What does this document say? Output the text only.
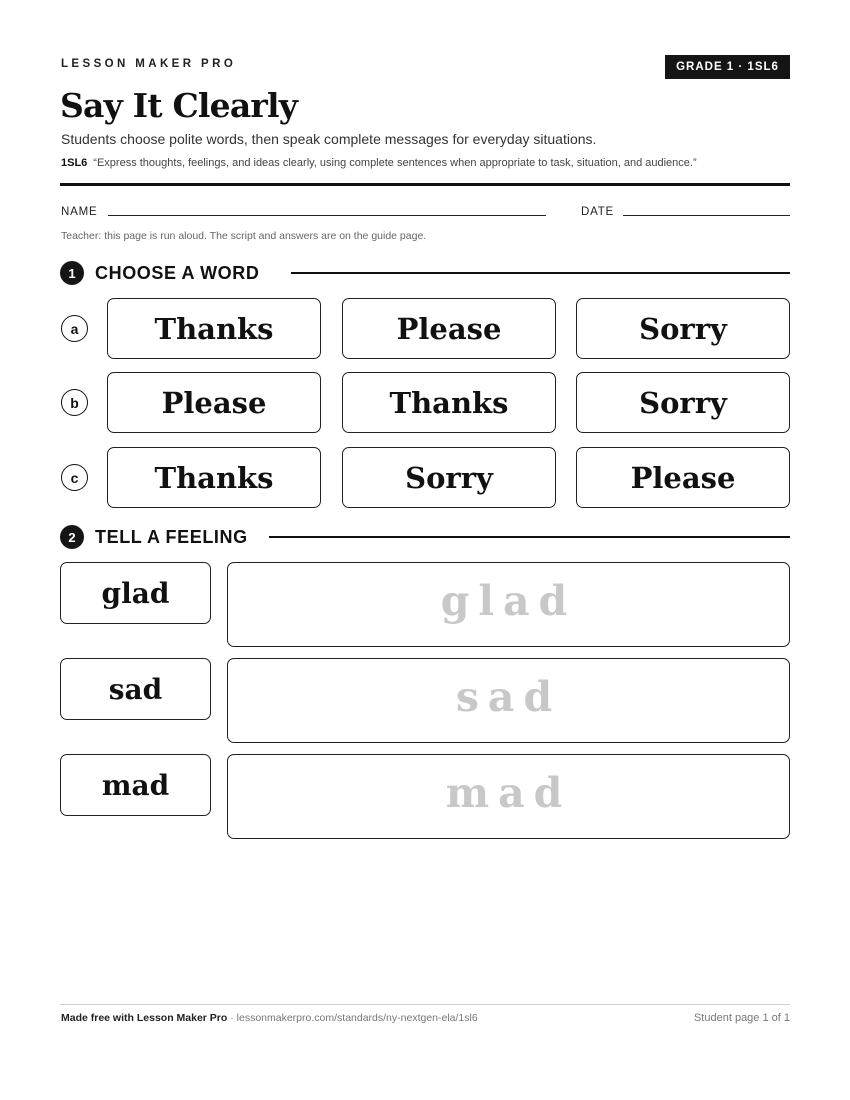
LESSON MAKER PRO	GRADE 1 · 1SL6
Say It Clearly
Students choose polite words, then speak complete messages for everyday situations.
1SL6 “Express thoughts, feelings, and ideas clearly, using complete sentences when appropriate to task, situation, and audience.”
NAME	DATE
Teacher: this page is run aloud. The script and answers are on the guide page.
1	CHOOSE A WORD
a	Thanks	Please	Sorry
b	Please	Thanks	Sorry
c	Thanks	Sorry	Please
2	TELL A FEELING
glad	glad
sad	sad
mad	mad
Made free with Lesson Maker Pro · lessonmakerpro.com/standards/ny-nextgen-ela/1sl6	Student page 1 of 1
